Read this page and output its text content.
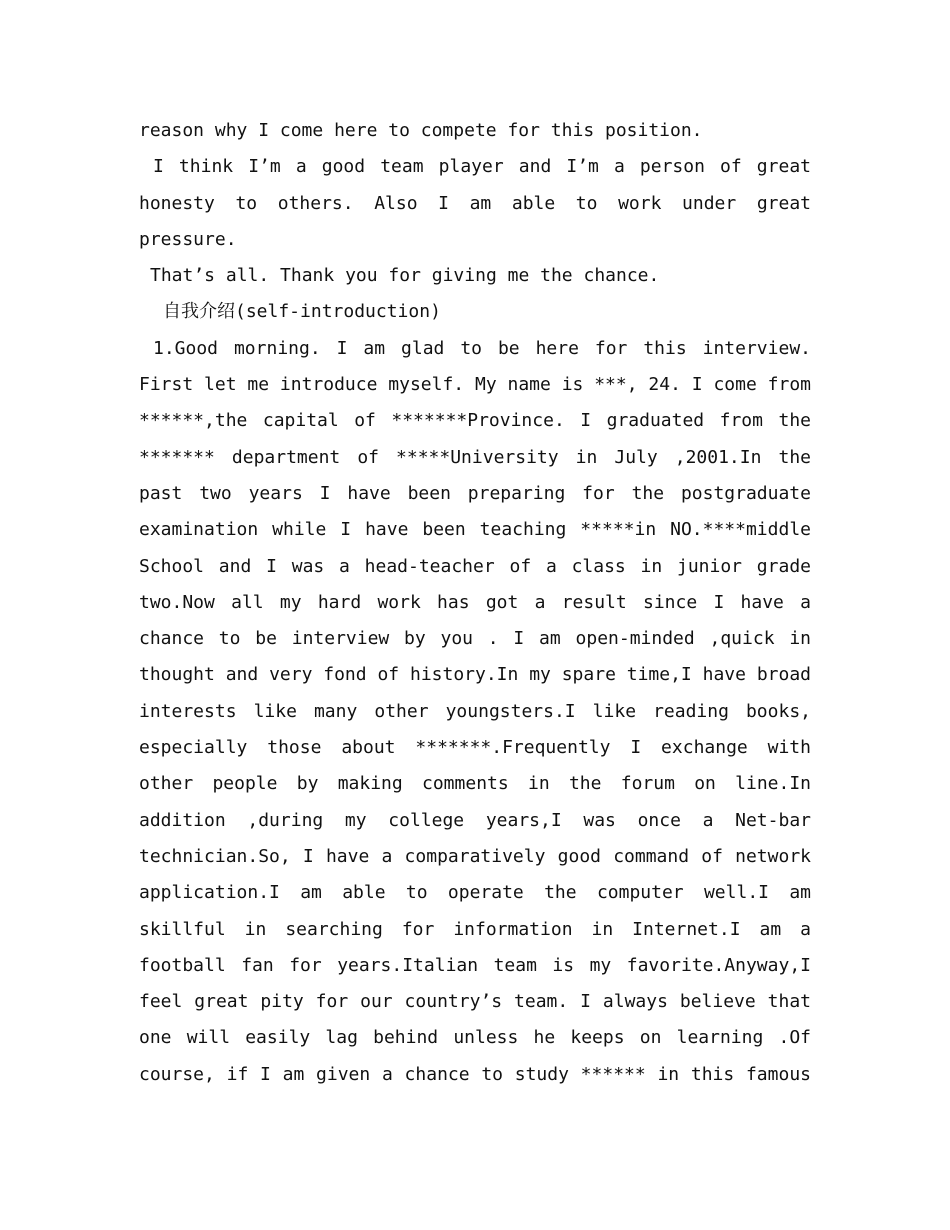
reason why I come here to compete for this position.
I think I’m a good team player and I’m a person of great
honesty to others. Also I am able to work under great
pressure.
That’s all. Thank you for giving me the chance.
自我介绍(self-introduction)
1.Good morning. I am glad to be here for this interview.
First let me introduce myself. My name is ***, 24. I come from
******,the capital of *******Province. I graduated from the
******* department of *****University in July ,2001.In the
past two years I have been preparing for the postgraduate
examination while I have been teaching *****in NO.****middle
School and I was a head-teacher of a class in junior grade
two.Now all my hard work has got a result since I have a
chance to be interview by you . I am open-minded ,quick in
thought and very fond of history.In my spare time,I have broad
interests like many other youngsters.I like reading books,
especially those about *******.Frequently I exchange with
other people by making comments in the forum on line.In
addition ,during my college years,I was once a Net-bar
technician.So, I have a comparatively good command of network
application.I am able to operate the computer well.I am
skillful in searching for information in Internet.I am a
football fan for years.Italian team is my favorite.Anyway,I
feel great pity for our country’s team. I always believe that
one will easily lag behind unless he keeps on learning .Of
course, if I am given a chance to study ****** in this famous
